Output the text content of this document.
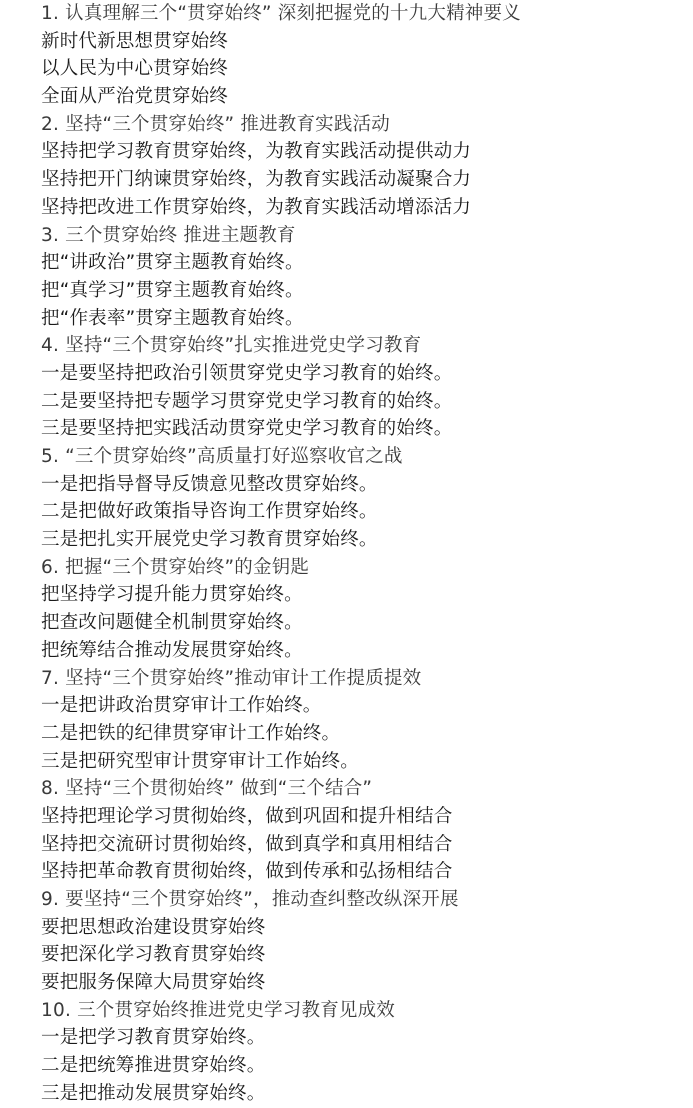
1. 认真理解三个“贯穿始终” 深刻把握党的十九大精神要义
新时代新思想贯穿始终
以人民为中心贯穿始终
全面从严治党贯穿始终
2. 坚持“三个贯穿始终” 推进教育实践活动
坚持把学习教育贯穿始终，为教育实践活动提供动力
坚持把开门纳谏贯穿始终，为教育实践活动凝聚合力
坚持把改进工作贯穿始终，为教育实践活动增添活力
3. 三个贯穿始终 推进主题教育
把“讲政治”贯穿主题教育始终。
把“真学习”贯穿主题教育始终。
把“作表率”贯穿主题教育始终。
4. 坚持“三个贯穿始终”扎实推进党史学习教育
一是要坚持把政治引领贯穿党史学习教育的始终。
二是要坚持把专题学习贯穿党史学习教育的始终。
三是要坚持把实践活动贯穿党史学习教育的始终。
5. “三个贯穿始终”高质量打好巡察收官之战
一是把指导督导反馈意见整改贯穿始终。
二是把做好政策指导咨询工作贯穿始终。
三是把扎实开展党史学习教育贯穿始终。
6. 把握“三个贯穿始终”的金钥匙
把坚持学习提升能力贯穿始终。
把查改问题健全机制贯穿始终。
把统筹结合推动发展贯穿始终。
7. 坚持“三个贯穿始终”推动审计工作提质提效
一是把讲政治贯穿审计工作始终。
二是把铁的纪律贯穿审计工作始终。
三是把研究型审计贯穿审计工作始终。
8. 坚持“三个贯彻始终” 做到“三个结合”
坚持把理论学习贯彻始终，做到巩固和提升相结合
坚持把交流研讨贯彻始终，做到真学和真用相结合
坚持把革命教育贯彻始终，做到传承和弘扬相结合
9. 要坚持“三个贯穿始终”，推动查纠整改纵深开展
要把思想政治建设贯穿始终
要把深化学习教育贯穿始终
要把服务保障大局贯穿始终
10. 三个贯穿始终推进党史学习教育见成效
一是把学习教育贯穿始终。
二是把统筹推进贯穿始终。
三是把推动发展贯穿始终。
